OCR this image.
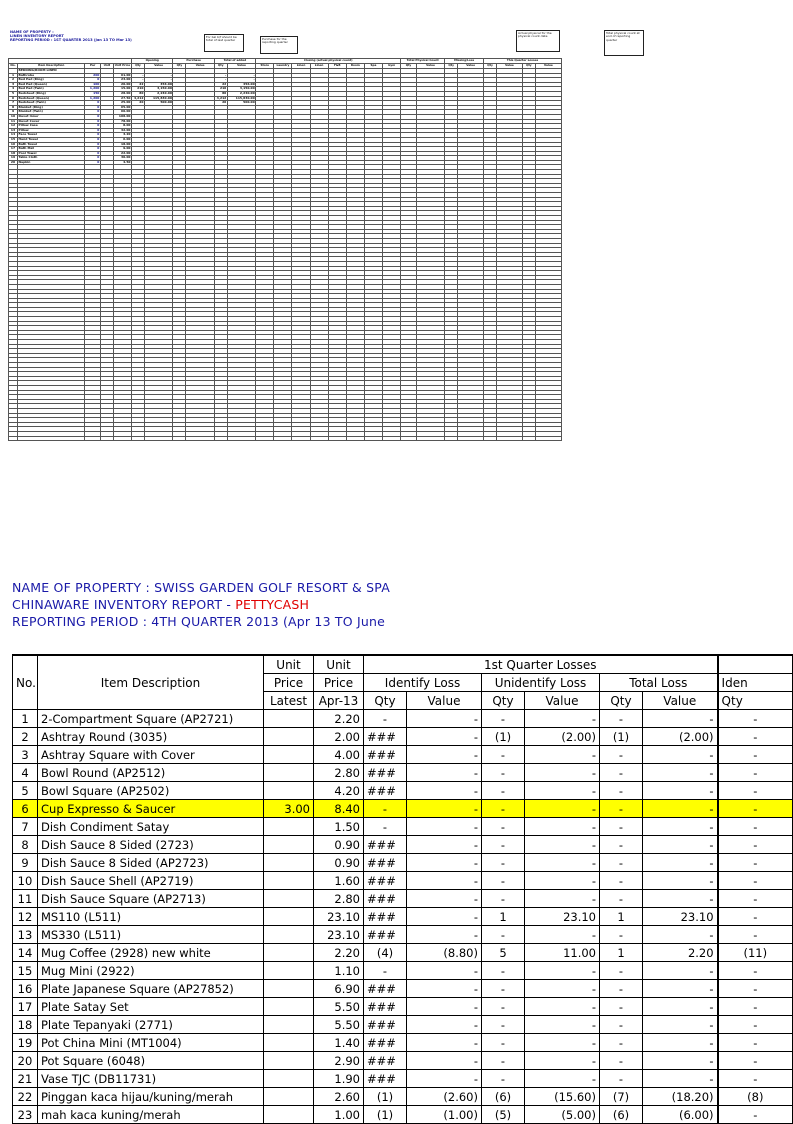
NAME OF PROPERTY :
LINEN INVENTORY REPORT
REPORTING PERIOD : 1ST QUARTER 2013 (Jan 13 TO Mar 13)
For bal b/f should be total of last quarter	Purchase for the reporting quarter
Actual physical for the physical count date
Total physical count at end of reporting quarter
					Opening		Purchase		Total of added		Closing (actual physical count)								Total Physical Count		Missing/Loss		This Quarter Losses			
No.	Item Description	Par	Unit	Unit Price	Qty	Value	Qty	Value	Qty	Value	Store	Laundry	Linen	Linen	F&B	Room	Spa	Gym	Qty	Value	Qty	Value	Qty	Value	Qty	Value
	BEDDING/ROOM LINEN																									
1	Bathrobe	200		61.00	-	-			-	-																
2	Bed Pad (King)	0		23.00	-	-			-	-																
3	Bed Pad (Queen)	100		20.00	22	456.00			22	456.00																
4	Bed Pad (Twin)	1,200		15.00	210	3,150.00			210	3,150.00																
5	Bedsheet (King)	150		28.00	80	2,240.00			80	2,240.00																
6	Bedsheet (Queen)	1,200		27.50	4,212	115,830.00			4,212	115,830.00																
7	Bedsheet (Twin)	0		25.00	20	500.00			20	500.00																
8	Blanket (King)	0		65.00																						
9	Blanket (Twin)	0		60.00																						
10	Duvet Inner	0		108.00																						
11	Duvet Cover	0		78.00																						
12	Pillow Case	0		8.00																						
13	Pillow	0		32.00																						
14	Face Towel	0		3.20																						
15	Hand Towel	0		6.00																						
16	Bath Towel	0		18.00																						
17	Bath Mat	0		9.00																						
18	Pool Towel	0		22.00																						
19	Table Cloth	0		30.00																						
20	Napkin	0		4.50																						

NAME OF PROPERTY : SWISS GARDEN GOLF RESORT & SPA
CHINAWARE INVENTORY REPORT - PETTYCASH
REPORTING PERIOD : 4TH QUARTER 2013 (Apr 13 TO June
No.	Item Description	Unit	Unit	1st Quarter Losses						
		Price	Price	Identify Loss		Unidentify Loss		Total Loss		Iden
		Latest	Apr-13	Qty	Value	Qty	Value	Qty	Value	Qty
1	2-Compartment Square (AP2721)		2.20	-	-	-	-	-	-	-
2	Ashtray Round (3035)		2.00	###	-	(1)	(2.00)	(1)	(2.00)	-
3	Ashtray Square with Cover		4.00	###	-	-	-	-	-	-
4	Bowl Round (AP2512)		2.80	###	-	-	-	-	-	-
5	Bowl Square (AP2502)		4.20	###	-	-	-	-	-	-
6	Cup Expresso & Saucer	3.00	8.40	-	-	-	-	-	-	-
7	Dish Condiment Satay		1.50	-	-	-	-	-	-	-
8	Dish Sauce 8 Sided (2723)		0.90	###	-	-	-	-	-	-
9	Dish Sauce 8 Sided (AP2723)		0.90	###	-	-	-	-	-	-
10	Dish Sauce Shell (AP2719)		1.60	###	-	-	-	-	-	-
11	Dish Sauce Square (AP2713)		2.80	###	-	-	-	-	-	-
12	MS110 (L511)		23.10	###	-	1	23.10	1	23.10	-
13	MS330 (L511)		23.10	###	-	-	-	-	-	-
14	Mug Coffee (2928) new white		2.20	(4)	(8.80)	5	11.00	1	2.20	(11)
15	Mug Mini (2922)		1.10	-	-	-	-	-	-	-
16	Plate Japanese Square (AP27852)		6.90	###	-	-	-	-	-	-
17	Plate Satay Set		5.50	###	-	-	-	-	-	-
18	Plate Tepanyaki (2771)		5.50	###	-	-	-	-	-	-
19	Pot China Mini (MT1004)		1.40	###	-	-	-	-	-	-
20	Pot Square (6048)		2.90	###	-	-	-	-	-	-
21	Vase TJC (DB11731)		1.90	###	-	-	-	-	-	-
22	Pinggan kaca hijau/kuning/merah		2.60	(1)	(2.60)	(6)	(15.60)	(7)	(18.20)	(8)
23	mah kaca kuning/merah		1.00	(1)	(1.00)	(5)	(5.00)	(6)	(6.00)	-
